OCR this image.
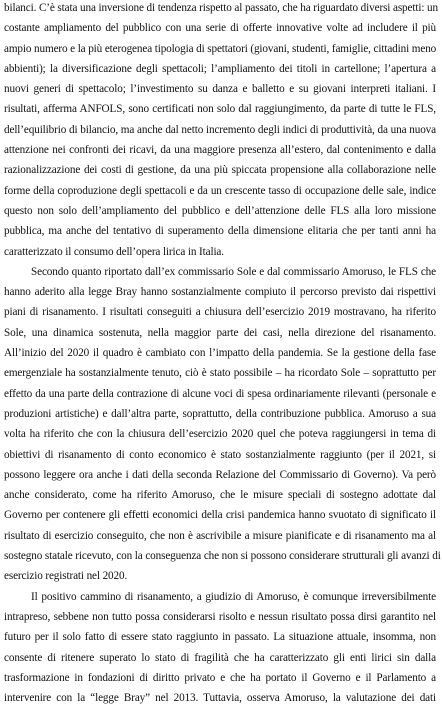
bilanci. C’è stata una inversione di tendenza rispetto al passato, che ha riguardato diversi aspetti: un
costante ampliamento del pubblico con una serie di offerte innovative volte ad includere il più
ampio numero e la più eterogenea tipologia di spettatori (giovani, studenti, famiglie, cittadini meno
abbienti); la diversificazione degli spettacoli; l’ampliamento dei titoli in cartellone; l’apertura a
nuovi generi di spettacolo; l’investimento su danza e balletto e su giovani interpreti italiani. I
risultati, afferma ANFOLS, sono certificati non solo dal raggiungimento, da parte di tutte le FLS,
dell’equilibrio di bilancio, ma anche dal netto incremento degli indici di produttività, da una nuova
attenzione nei confronti dei ricavi, da una maggiore presenza all’estero, dal contenimento e dalla
razionalizzazione dei costi di gestione, da una più spiccata propensione alla collaborazione nelle
forme della coproduzione degli spettacoli e da un crescente tasso di occupazione delle sale, indice
questo non solo dell’ampliamento del pubblico e dell’attenzione delle FLS alla loro missione
pubblica, ma anche del tentativo di superamento della dimensione elitaria che per tanti anni ha
caratterizzato il consumo dell’opera lirica in Italia.
Secondo quanto riportato dall’ex commissario Sole e dal commissario Amoruso, le FLS che
hanno aderito alla legge Bray hanno sostanzialmente compiuto il percorso previsto dai rispettivi
piani di risanamento. I risultati conseguiti a chiusura dell’esercizio 2019 mostravano, ha riferito
Sole, una dinamica sostenuta, nella maggior parte dei casi, nella direzione del risanamento.
All’inizio del 2020 il quadro è cambiato con l’impatto della pandemia. Se la gestione della fase
emergenziale ha sostanzialmente tenuto, ciò è stato possibile – ha ricordato Sole – soprattutto per
effetto da una parte della contrazione di alcune voci di spesa ordinariamente rilevanti (personale e
produzioni artistiche) e dall’altra parte, soprattutto, della contribuzione pubblica. Amoruso a sua
volta ha riferito che con la chiusura dell’esercizio 2020 quel che poteva raggiungersi in tema di
obiettivi di risanamento di conto economico è stato sostanzialmente raggiunto (per il 2021, si
possono leggere ora anche i dati della seconda Relazione del Commissario di Governo). Va però
anche considerato, come ha riferito Amoruso, che le misure speciali di sostegno adottate dal
Governo per contenere gli effetti economici della crisi pandemica hanno svuotato di significato il
risultato di esercizio conseguito, che non è ascrivibile a misure pianificate e di risanamento ma al
sostegno statale ricevuto, con la conseguenza che non si possono considerare strutturali gli avanzi di
esercizio registrati nel 2020.
Il positivo cammino di risanamento, a giudizio di Amoruso, è comunque irreversibilmente
intrapreso, sebbene non tutto possa considerarsi risolto e nessun risultato possa dirsi garantito nel
futuro per il solo fatto di essere stato raggiunto in passato. La situazione attuale, insomma, non
consente di ritenere superato lo stato di fragilità che ha caratterizzato gli enti lirici sin dalla
trasformazione in fondazioni di diritto privato e che ha portato il Governo e il Parlamento a
intervenire con la “legge Bray” nel 2013. Tuttavia, osserva Amoruso, la valutazione dei dati
